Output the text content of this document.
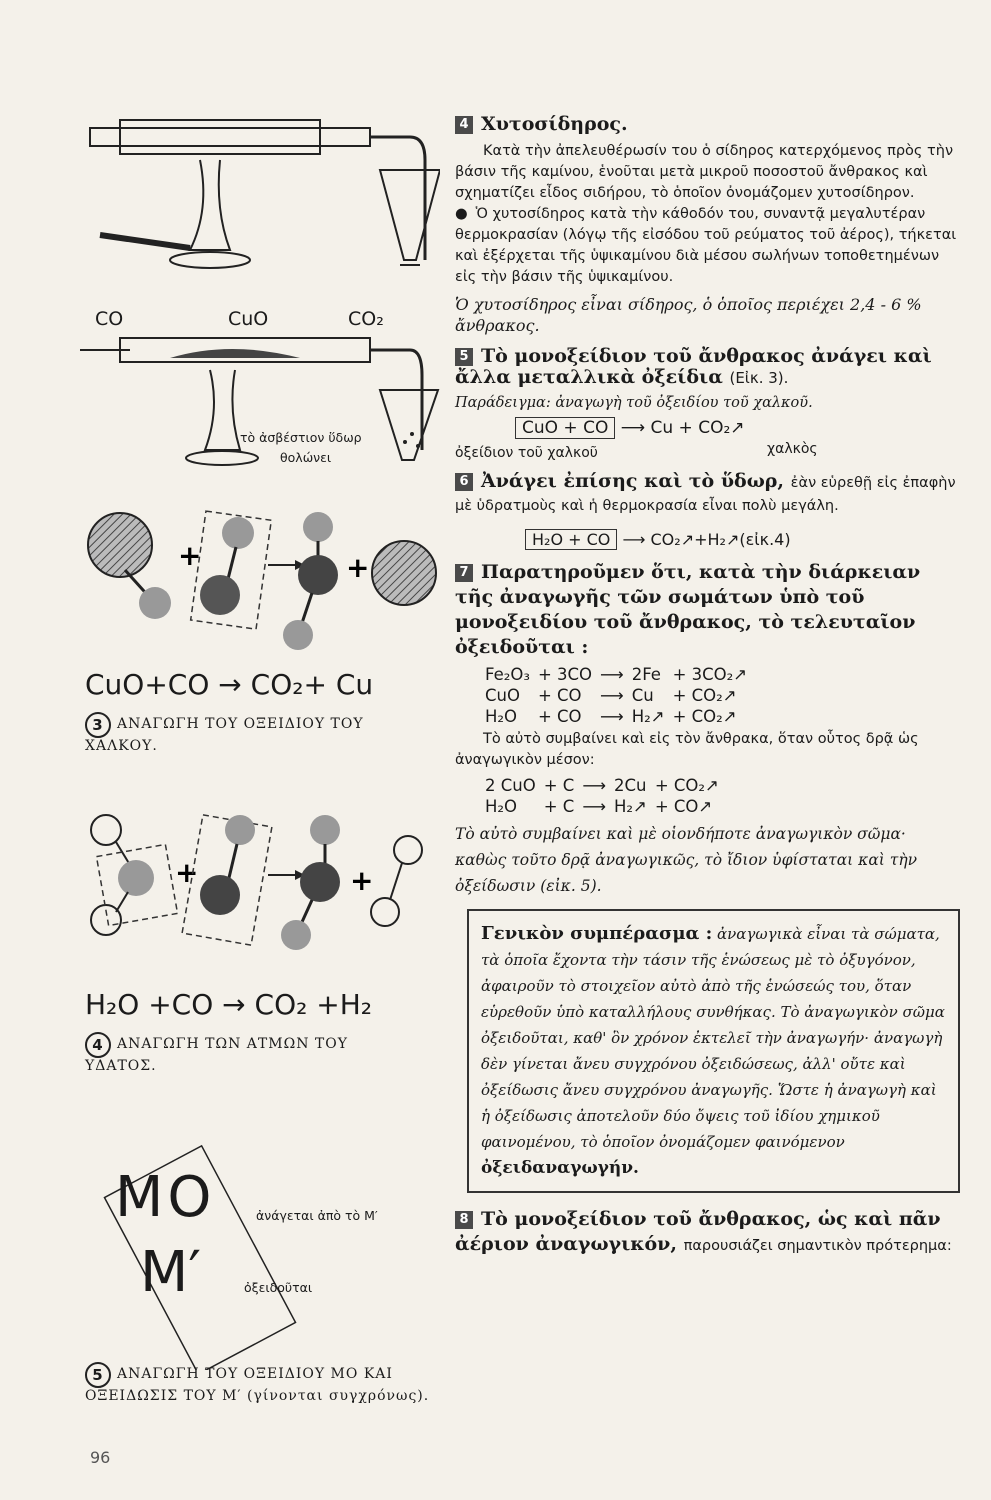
CO	CuO	CO₂
τὸ ἀσβέστιον ὕδωρ
θολώνει
+	+
CuO+CO → CO₂+ Cu
3 ΑΝΑΓΩΓΗ ΤΟΥ ΟΞΕΙΔΙΟΥ ΤΟΥ ΧΑΛΚΟΥ.
+	+
H₂O +CO → CO₂ +H₂
4 ΑΝΑΓΩΓΗ ΤΩΝ ΑΤΜΩΝ ΤΟΥ ΥΔΑΤΟΣ.
MO
M′
ἀνάγεται ἀπὸ τὸ Μ′
ὀξειδοῦται
5 ΑΝΑΓΩΓΗ ΤΟΥ ΟΞΕΙΔΙΟΥ ΜΟ ΚΑΙ ΟΞΕΙΔΩΣΙΣ ΤΟΥ Μ′ (γίνονται συγχρόνως).
4 Χυτοσίδηρος.
Κατὰ τὴν ἀπελευθέρωσίν του ὁ σίδηρος κατερχόμενος πρὸς τὴν βάσιν τῆς καμίνου, ἑνοῦται μετὰ μικροῦ ποσοστοῦ ἄνθρακος καὶ σχηματίζει εἶδος σιδήρου, τὸ ὁποῖον ὀνομάζομεν χυτοσίδηρον.
● Ὁ χυτοσίδηρος κατὰ τὴν κάθοδόν του, συναντᾷ μεγαλυτέραν θερμοκρασίαν (λόγῳ τῆς εἰσόδου τοῦ ρεύματος τοῦ ἀέρος), τήκεται καὶ ἐξέρχεται τῆς ὑψικαμίνου διὰ μέσου σωλήνων τοποθετημένων εἰς τὴν βάσιν τῆς ὑψικαμίνου.
Ὁ χυτοσίδηρος εἶναι σίδηρος, ὁ ὁποῖος περιέχει 2,4 - 6 % ἄνθρακος.
5 Τὸ μονοξείδιον τοῦ ἄνθρακος ἀνάγει καὶ ἄλλα μεταλλικὰ ὀξείδια (Εἰκ. 3).
Παράδειγμα: ἀναγωγὴ τοῦ ὀξειδίου τοῦ χαλκοῦ.
CuO + CO ⟶ Cu + CO₂↗
ὀξείδιον τοῦ χαλκοῦ	χαλκὸς
6 Ἀνάγει ἐπίσης καὶ τὸ ὕδωρ, ἐὰν εὑρεθῇ εἰς ἐπαφὴν μὲ ὑδρατμοὺς καὶ ἡ θερμοκρασία εἶναι πολὺ μεγάλη.
H₂O + CO ⟶ CO₂↗+H₂↗(εἰκ.4)
7 Παρατηροῦμεν ὅτι, κατὰ τὴν διάρκειαν τῆς ἀναγωγῆς τῶν σωμάτων ὑπὸ τοῦ μονοξειδίου τοῦ ἄνθρακος, τὸ τελευταῖον ὀξειδοῦται :
Fe₂O₃	+ 3CO	⟶	2Fe	+ 3CO₂↗
CuO	+ CO	⟶	Cu	+ CO₂↗
H₂O	+ CO	⟶	H₂↗	+ CO₂↗
Τὸ αὐτὸ συμβαίνει καὶ εἰς τὸν ἄνθρακα, ὅταν οὗτος δρᾷ ὡς ἀναγωγικὸν μέσον:
2 CuO	+ C	⟶	2Cu	+ CO₂↗
H₂O	+ C	⟶	H₂↗	+ CO↗
Τὸ αὐτὸ συμβαίνει καὶ μὲ οἱονδήποτε ἀναγωγικὸν σῶμα· καθὼς τοῦτο δρᾷ ἀναγωγικῶς, τὸ ἴδιον ὑφίσταται καὶ τὴν ὀξείδωσιν (εἰκ. 5).
Γενικὸν συμπέρασμα : ἀναγωγικὰ εἶναι τὰ σώματα, τὰ ὁποῖα ἔχοντα τὴν τάσιν τῆς ἑνώσεως μὲ τὸ ὀξυγόνον, ἀφαιροῦν τὸ στοιχεῖον αὐτὸ ἀπὸ τῆς ἑνώσεώς του, ὅταν εὑρεθοῦν ὑπὸ καταλλήλους συνθήκας. Τὸ ἀναγωγικὸν σῶμα ὀξειδοῦται, καθ' ὃν χρόνον ἐκτελεῖ τὴν ἀναγωγήν· ἀναγωγὴ δὲν γίνεται ἄνευ συγχρόνου ὀξειδώσεως, ἀλλ' οὔτε καὶ ὀξείδωσις ἄνευ συγχρόνου ἀναγωγῆς. Ὥστε ἡ ἀναγωγὴ καὶ ἡ ὀξείδωσις ἀποτελοῦν δύο ὄψεις τοῦ ἰδίου χημικοῦ φαινομένου, τὸ ὁποῖον ὀνομάζομεν φαινόμενον ὀξειδαναγωγήν.
8 Τὸ μονοξείδιον τοῦ ἄνθρακος, ὡς καὶ πᾶν ἀέριον ἀναγωγικόν, παρουσιάζει σημαντικὸν πρότερημα:
96
